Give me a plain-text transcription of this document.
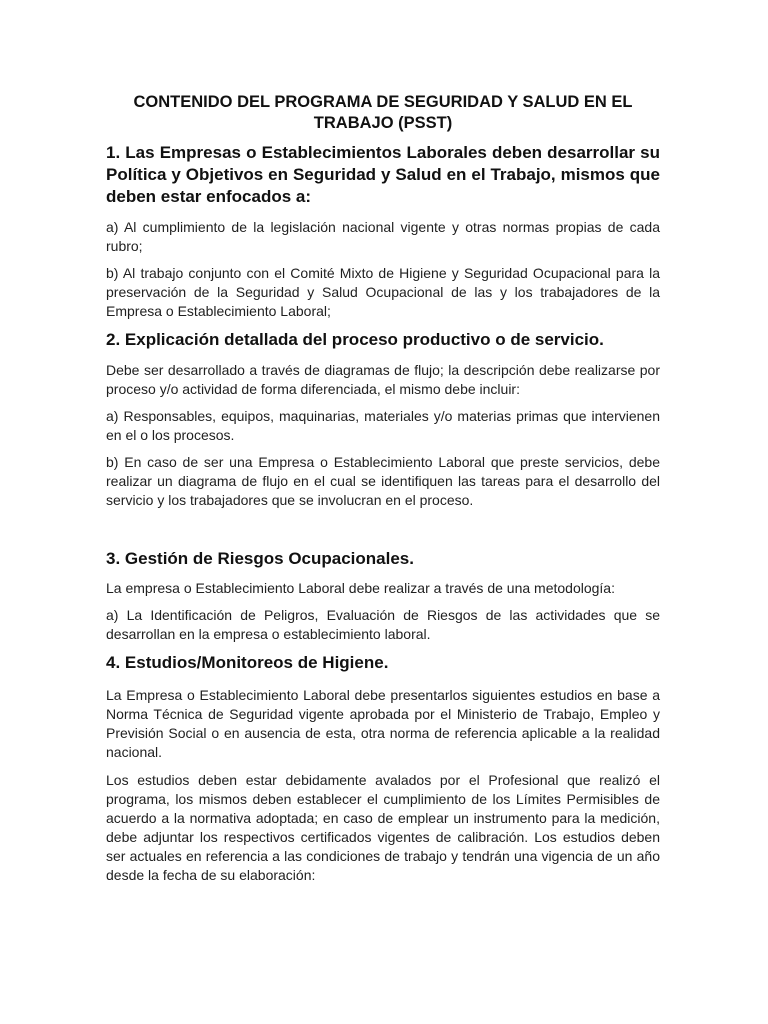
CONTENIDO DEL PROGRAMA DE SEGURIDAD Y SALUD EN EL TRABAJO (PSST)
1. Las Empresas o Establecimientos Laborales deben desarrollar su Política y Objetivos en Seguridad y Salud en el Trabajo, mismos que deben estar enfocados a:

a) Al cumplimiento de la legislación nacional vigente y otras normas propias de cada rubro;

b) Al trabajo conjunto con el Comité Mixto de Higiene y Seguridad Ocupacional para la preservación de la Seguridad y Salud Ocupacional de las y los trabajadores de la Empresa o Establecimiento Laboral;

2. Explicación detallada del proceso productivo o de servicio.

Debe ser desarrollado a través de diagramas de flujo; la descripción debe realizarse por proceso y/o actividad de forma diferenciada, el mismo debe incluir:

a) Responsables, equipos, maquinarias, materiales y/o materias primas que intervienen en el o los procesos.

b) En caso de ser una Empresa o Establecimiento Laboral que preste servicios, debe realizar un diagrama de flujo en el cual se identifiquen las tareas para el desarrollo del servicio y los trabajadores que se involucran en el proceso.

3. Gestión de Riesgos Ocupacionales.

La empresa o Establecimiento Laboral debe realizar a través de una metodología:

a) La Identificación de Peligros, Evaluación de Riesgos de las actividades que se desarrollan en la empresa o establecimiento laboral.

4. Estudios/Monitoreos de Higiene.

La Empresa o Establecimiento Laboral debe presentarlos siguientes estudios en base a Norma Técnica de Seguridad vigente aprobada por el Ministerio de Trabajo, Empleo y Previsión Social o en ausencia de esta, otra norma de referencia aplicable a la realidad nacional.

Los estudios deben estar debidamente avalados por el Profesional que realizó el programa, los mismos deben establecer el cumplimiento de los Límites Permisibles de acuerdo a la normativa adoptada; en caso de emplear un instrumento para la medición, debe adjuntar los respectivos certificados vigentes de calibración. Los estudios deben ser actuales en referencia a las condiciones de trabajo y tendrán una vigencia de un año desde la fecha de su elaboración:
